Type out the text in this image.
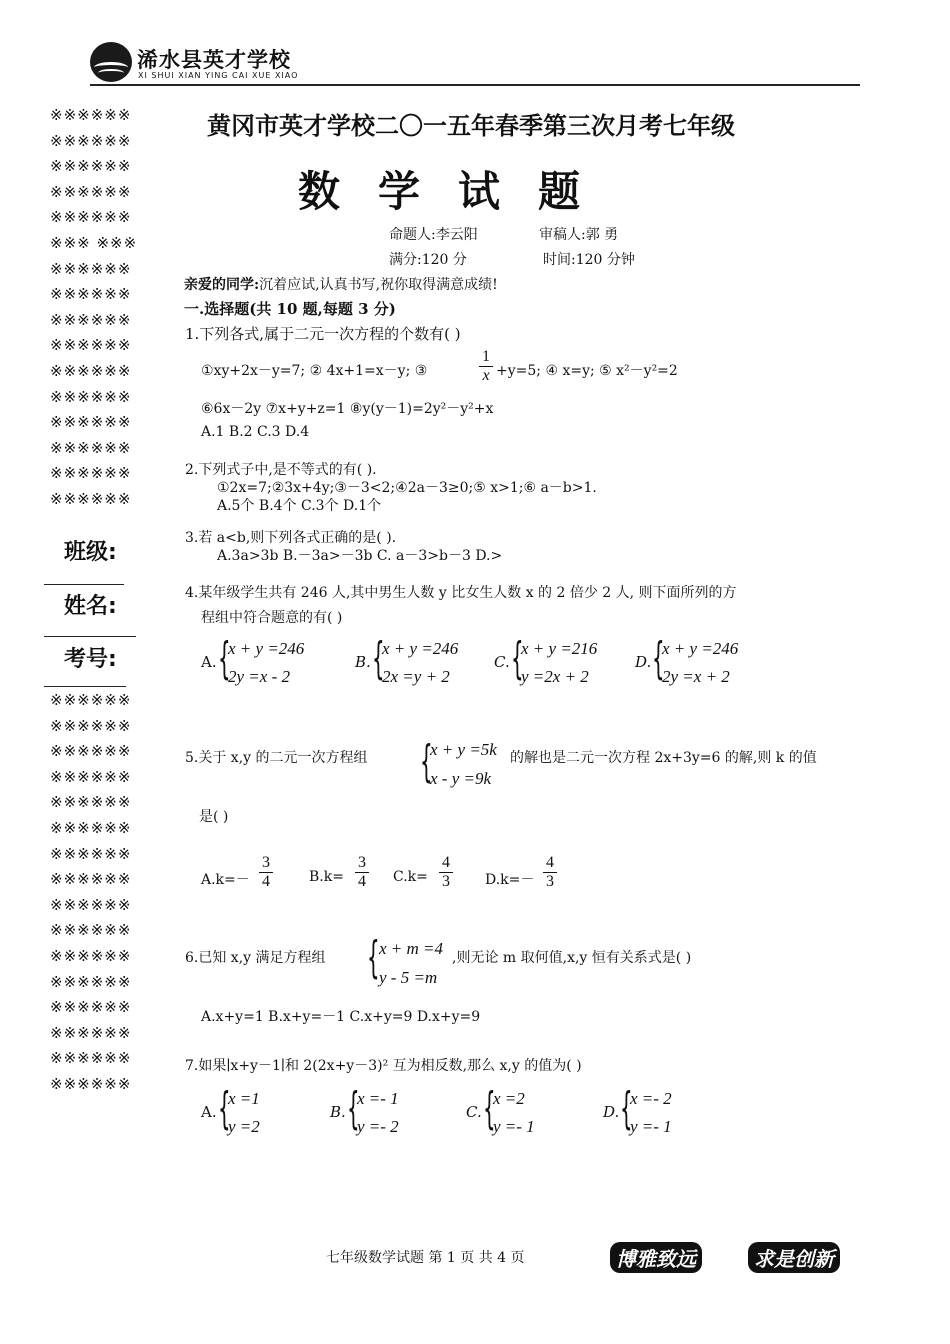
浠水县英才学校
XI SHUI XIAN YING CAI XUE XIAO
※※※※※※
※※※※※※
※※※※※※
※※※※※※
※※※※※※
※※※ ※※※
※※※※※※
※※※※※※
※※※※※※
※※※※※※
※※※※※※
※※※※※※
※※※※※※
※※※※※※
※※※※※※
※※※※※※
班级:
姓名:
考号:
※※※※※※
※※※※※※
※※※※※※
※※※※※※
※※※※※※
※※※※※※
※※※※※※
※※※※※※
※※※※※※
※※※※※※
※※※※※※
※※※※※※
※※※※※※
※※※※※※
※※※※※※
※※※※※※
黄冈市英才学校二〇一五年春季第三次月考七年级
数学试题
命题人:李云阳	审稿人:郭 勇
满分:120 分	时间:120 分钟
亲爱的同学:沉着应试,认真书写,祝你取得满意成绩!
一.选择题(共 10 题,每题 3 分)
1.下列各式,属于二元一次方程的个数有( )
①xy+2x－y=7; ② 4x+1=x－y; ③	$\frac{1}{x} +y=5$; ④ x=y; ⑤ x²－y²=2
⑥6x－2y ⑦x+y+z=1 ⑧y(y－1)=2y²－y²+x
A.1 B.2 C.3 D.4
2.下列式子中,是不等式的有( ).
①2x=7;②3x+4y;③－3<2;④2a－3≥0;⑤ x>1;⑥ a－b>1.
A.5个 B.4个 C.3个 D.1个
3.若 a<b,则下列各式正确的是( ).
A.3a>3b B.－3a>－3b C. a－3>b－3 D.>
4.某年级学生共有 246 人,其中男生人数 y 比女生人数 x 的 2 倍少 2 人, 则下面所列的方
程组中符合题意的有( )
A. {
x + y =246
2y =x - 2
B. {
x + y =246
2x =y + 2
C. {
x + y =216
y =2x + 2
D. {
x + y =246
2y =x + 2
5.关于 x,y 的二元一次方程组 {
x + y =5k
x - y =9k
的解也是二元一次方程 2x+3y=6 的解,则 k 的值
是( )
$A.k=- \frac{3}{4}$	$B.k= \frac{3}{4} C.k= \frac{4}{3} D.k=- \frac{4}{3}$
6.已知 x,y 满足方程组 { x + m =4
y - 5 =m
,则无论 m 取何值,x,y 恒有关系式是( )
A.x+y=1 B.x+y=－1 C.x+y=9 D.x+y=9
7.如果∣x+y－1∣和 2(2x+y－3)² 互为相反数,那么 x,y 的值为( )
A. {
x =1
y =2
B. {
x =- 1
y =- 2
C. {
x =2
y =- 1
D. {
x =- 2
y =- 1
七年级数学试题 第 1 页 共 4 页	博雅致远	求是创新
